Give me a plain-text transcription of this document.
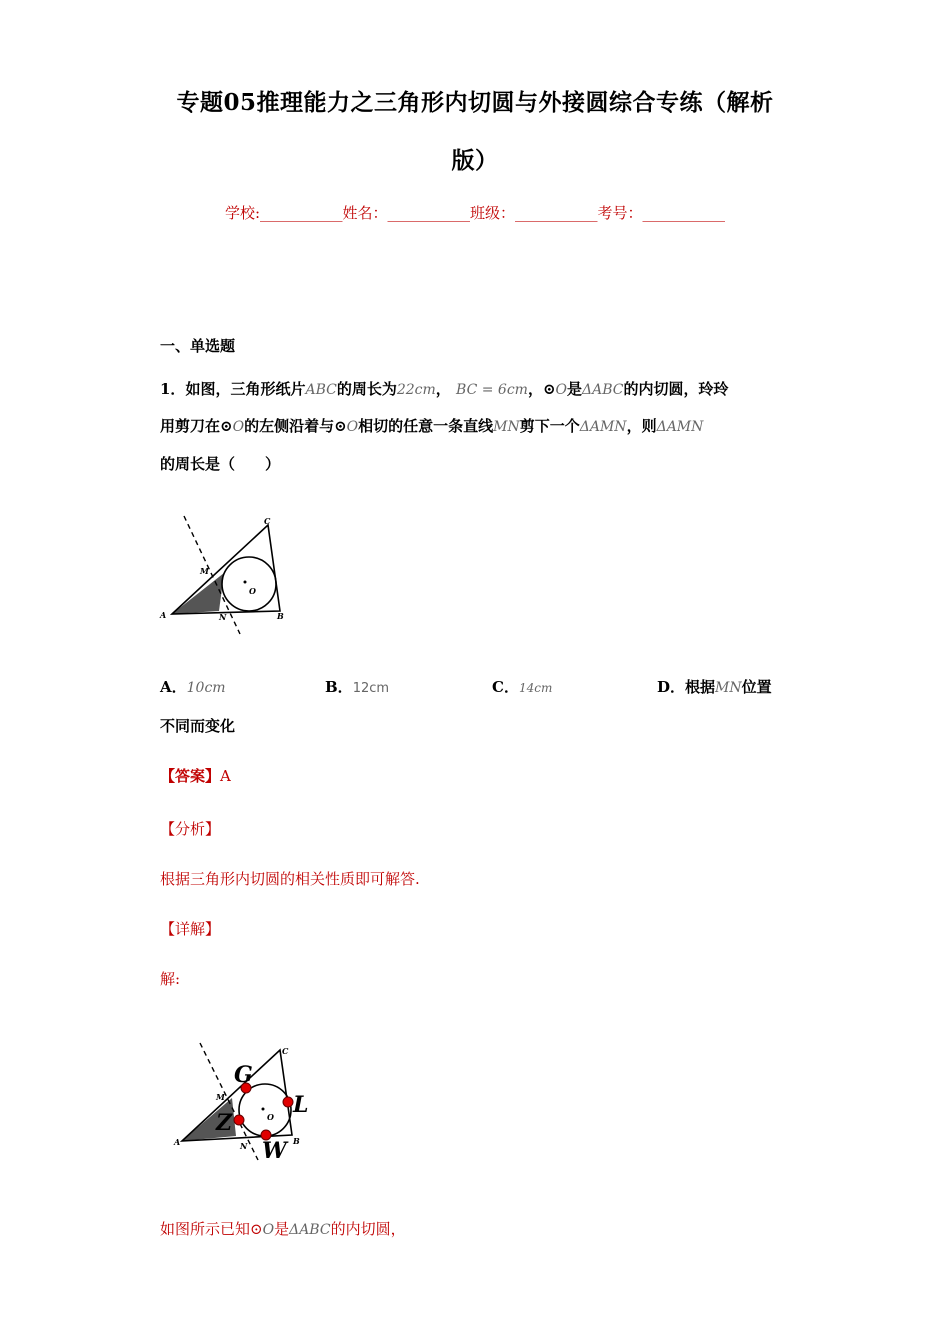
专题05推理能力之三角形内切圆与外接圆综合专练（解析
版）
学校:___________姓名：___________班级：___________考号：___________
一、单选题
1．如图，三角形纸片ABC的周长为22cm， BC = 6cm，⊙O是ΔABC的内切圆，玲玲
用剪刀在⊙O的左侧沿着与⊙O相切的任意一条直线MN剪下一个ΔAMN，则ΔAMN
的周长是（　　）
A	B
C
M
N
O
A．10cm	B．12cm	C．14cm	D．根据MN位置
不同而变化
【答案】A
【分析】
根据三角形内切圆的相关性质即可解答.
【详解】
解:
A	B
C
M
N
O
G
L
Z
W
如图所示已知⊙O是ΔABC的内切圆，
